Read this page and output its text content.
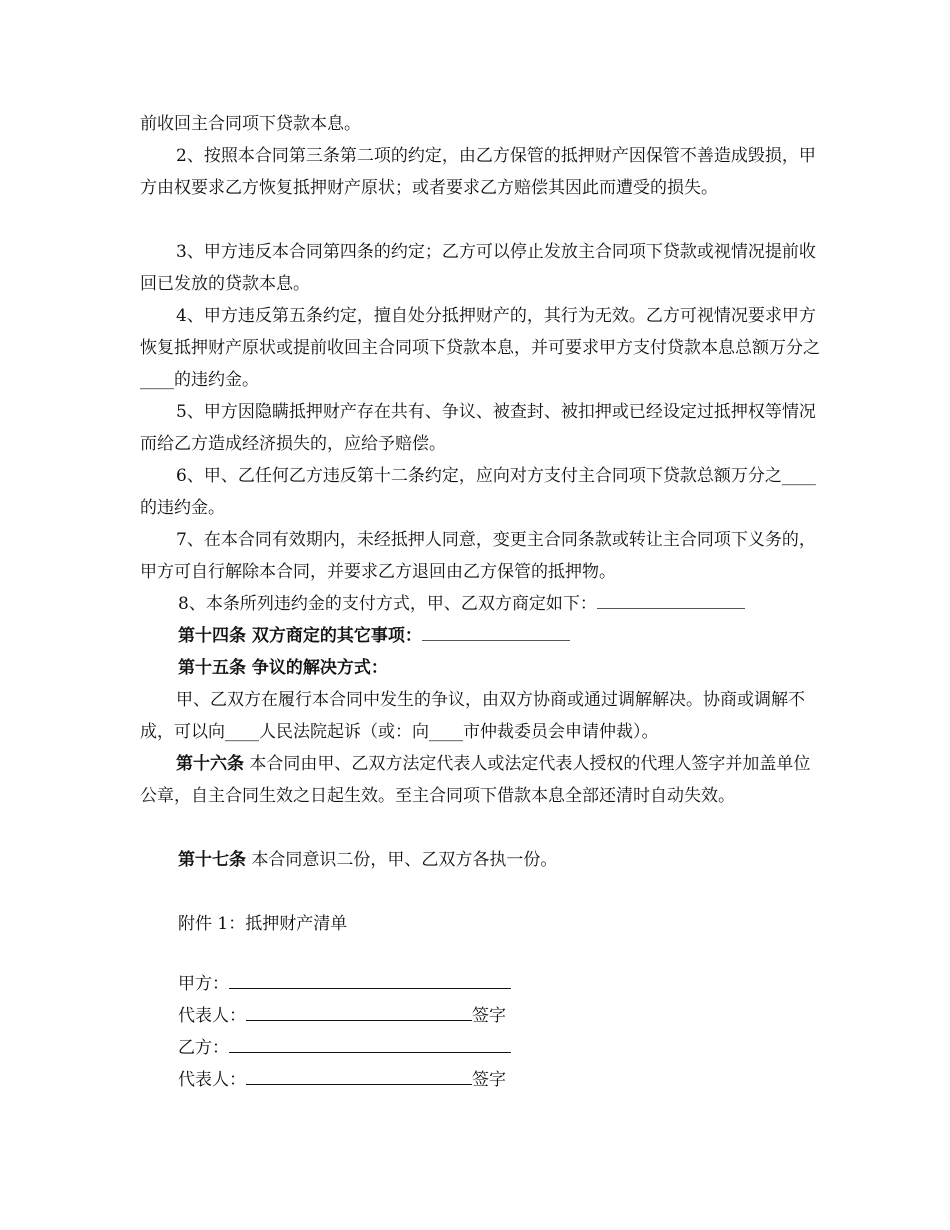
前收回主合同项下贷款本息。
2、按照本合同第三条第二项的约定，由乙方保管的抵押财产因保管不善造成毁损，甲方由权要求乙方恢复抵押财产原状；或者要求乙方赔偿其因此而遭受的损失。
3、甲方违反本合同第四条的约定；乙方可以停止发放主合同项下贷款或视情况提前收回已发放的贷款本息。
4、甲方违反第五条约定，擅自处分抵押财产的，其行为无效。乙方可视情况要求甲方恢复抵押财产原状或提前收回主合同项下贷款本息，并可要求甲方支付贷款本息总额万分之____的违约金。
5、甲方因隐瞒抵押财产存在共有、争议、被查封、被扣押或已经设定过抵押权等情况而给乙方造成经济损失的，应给予赔偿。
6、甲、乙任何乙方违反第十二条约定，应向对方支付主合同项下贷款总额万分之____的违约金。
7、在本合同有效期内，未经抵押人同意，变更主合同条款或转让主合同项下义务的，甲方可自行解除本合同，并要求乙方退回由乙方保管的抵押物。
8、本条所列违约金的支付方式，甲、乙双方商定如下：
第十四条 双方商定的其它事项：
第十五条 争议的解决方式：
甲、乙双方在履行本合同中发生的争议，由双方协商或通过调解解决。协商或调解不成，可以向____人民法院起诉（或：向____市仲裁委员会申请仲裁）。
第十六条 本合同由甲、乙双方法定代表人或法定代表人授权的代理人签字并加盖单位公章，自主合同生效之日起生效。至主合同项下借款本息全部还清时自动失效。
第十七条 本合同意识二份，甲、乙双方各执一份。
附件 1：抵押财产清单
甲方：
代表人：	签字
乙方：
代表人：	签字
